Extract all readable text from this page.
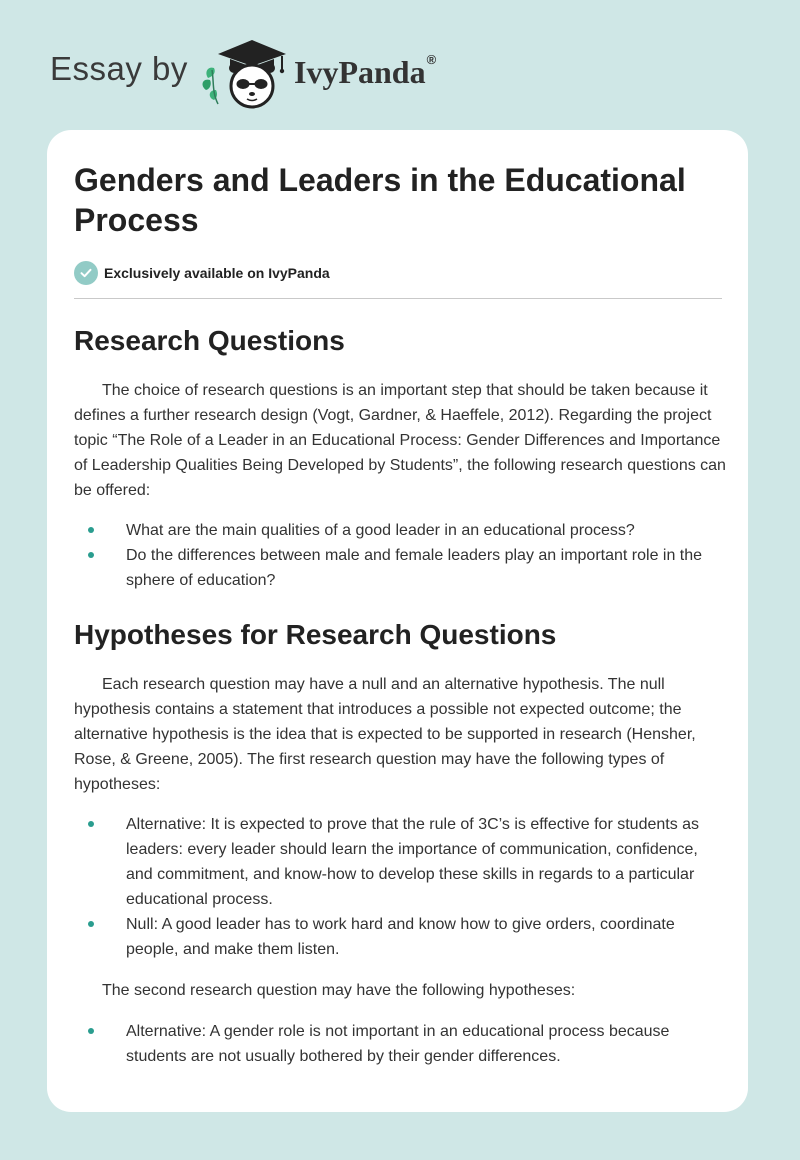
Essay by	IvyPanda®
Genders and Leaders in the Educational Process
Exclusively available on IvyPanda
Research Questions

The choice of research questions is an important step that should be taken because it defines a further research design (Vogt, Gardner, & Haeffele, 2012). Regarding the project topic “The Role of a Leader in an Educational Process: Gender Differences and Importance of Leadership Qualities Being Developed by Students”, the following research questions can be offered:

What are the main qualities of a good leader in an educational process?
Do the differences between male and female leaders play an important role in the sphere of education?
Hypotheses for Research Questions

Each research question may have a null and an alternative hypothesis. The null hypothesis contains a statement that introduces a possible not expected outcome; the alternative hypothesis is the idea that is expected to be supported in research (Hensher, Rose, & Greene, 2005). The first research question may have the following types of hypotheses:

Alternative: It is expected to prove that the rule of 3C’s is effective for students as leaders: every leader should learn the importance of communication, confidence, and commitment, and know-how to develop these skills in regards to a particular educational process.
Null: A good leader has to work hard and know how to give orders, coordinate people, and make them listen.

The second research question may have the following hypotheses:

Alternative: A gender role is not important in an educational process because students are not usually bothered by their gender differences.
